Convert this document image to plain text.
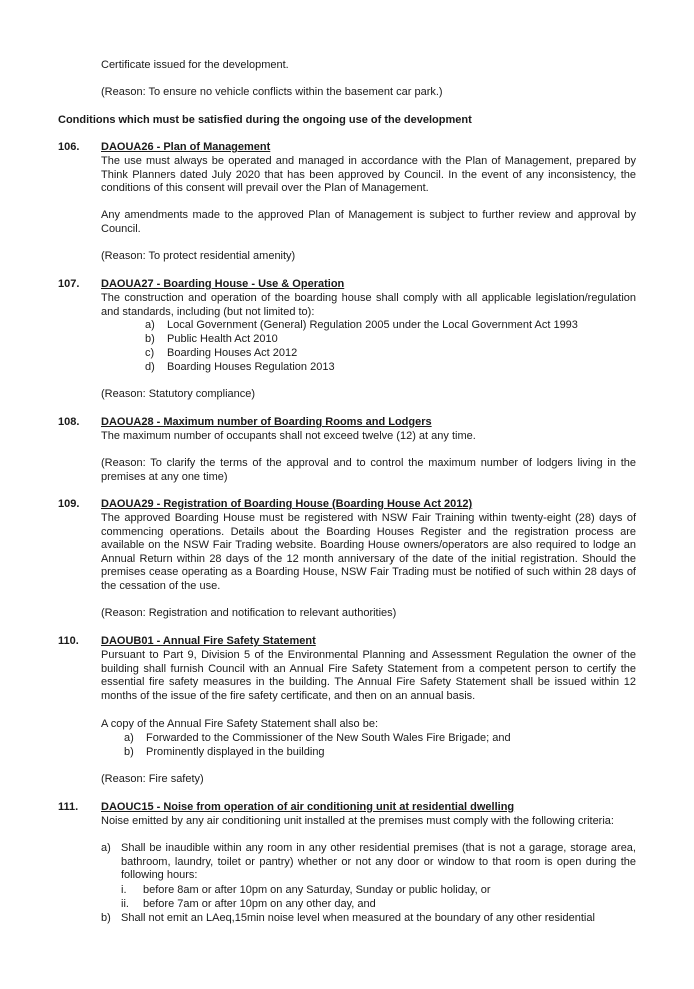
Certificate issued for the development.

(Reason: To ensure no vehicle conflicts within the basement car park.)

Conditions which must be satisfied during the ongoing use of the development

106. DAOUA26 - Plan of Management

The use must always be operated and managed in accordance with the Plan of Management, prepared by Think Planners dated July 2020 that has been approved by Council. In the event of any inconsistency, the conditions of this consent will prevail over the Plan of Management.

Any amendments made to the approved Plan of Management is subject to further review and approval by Council.

(Reason: To protect residential amenity)

107. DAOUA27 - Boarding House - Use & Operation

The construction and operation of the boarding house shall comply with all applicable legislation/regulation and standards, including (but not limited to):

a) Local Government (General) Regulation 2005 under the Local Government Act 1993
b) Public Health Act 2010
c) Boarding Houses Act 2012
d) Boarding Houses Regulation 2013

(Reason: Statutory compliance)

108. DAOUA28 - Maximum number of Boarding Rooms and Lodgers

The maximum number of occupants shall not exceed twelve (12) at any time.

(Reason: To clarify the terms of the approval and to control the maximum number of lodgers living in the premises at any one time)

109. DAOUA29 - Registration of Boarding House (Boarding House Act 2012)

The approved Boarding House must be registered with NSW Fair Training within twenty-eight (28) days of commencing operations. Details about the Boarding Houses Register and the registration process are available on the NSW Fair Trading website. Boarding House owners/operators are also required to lodge an Annual Return within 28 days of the 12 month anniversary of the date of the initial registration. Should the premises cease operating as a Boarding House, NSW Fair Trading must be notified of such within 28 days of the cessation of the use.

(Reason: Registration and notification to relevant authorities)

110. DAOUB01 - Annual Fire Safety Statement

Pursuant to Part 9, Division 5 of the Environmental Planning and Assessment Regulation the owner of the building shall furnish Council with an Annual Fire Safety Statement from a competent person to certify the essential fire safety measures in the building. The Annual Fire Safety Statement shall be issued within 12 months of the issue of the fire safety certificate, and then on an annual basis.

A copy of the Annual Fire Safety Statement shall also be:

a) Forwarded to the Commissioner of the New South Wales Fire Brigade; and
b) Prominently displayed in the building

(Reason: Fire safety)

111. DAOUC15 - Noise from operation of air conditioning unit at residential dwelling

Noise emitted by any air conditioning unit installed at the premises must comply with the following criteria:

a) Shall be inaudible within any room in any other residential premises (that is not a garage, storage area, bathroom, laundry, toilet or pantry) whether or not any door or window to that room is open during the following hours:

i. before 8am or after 10pm on any Saturday, Sunday or public holiday, or
ii. before 7am or after 10pm on any other day, and
b) Shall not emit an LAeq,15min noise level when measured at the boundary of any other residential
